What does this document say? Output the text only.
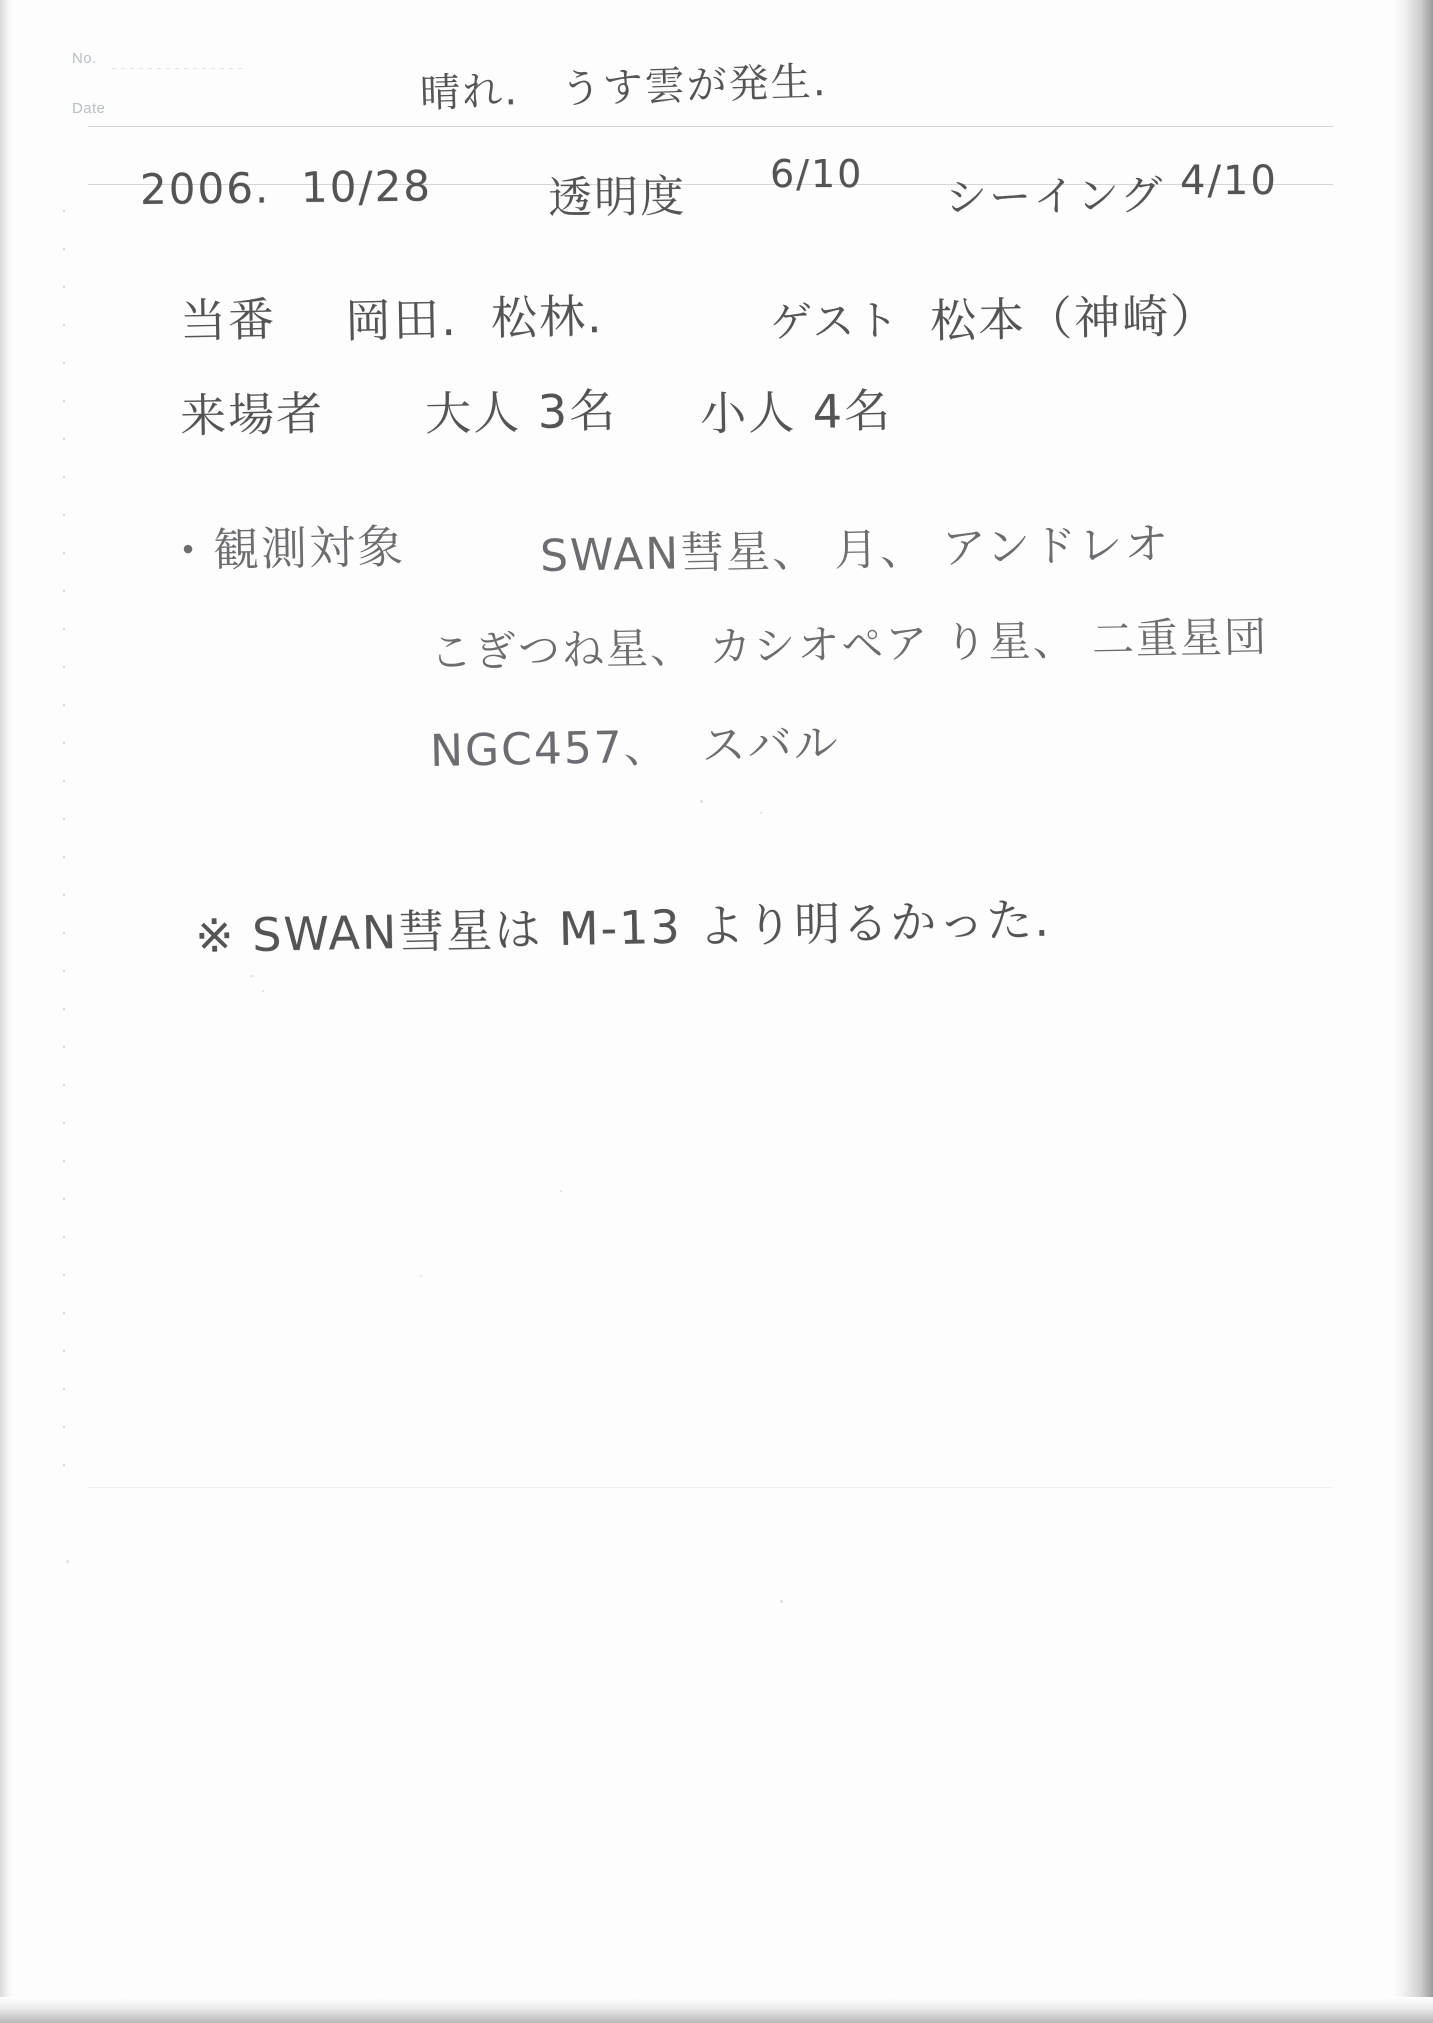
No.
Date	晴れ.　うす雲が発生.
2006.  10/28	透明度 6/10 シーイング 4/10
当番 岡田.  松林.	ゲスト 松本（神崎）
来場者 大人 3名 小人 4名
・観測対象	SWAN彗星、 月、 アンドレオ
こぎつね星、 カシオペア り星、 二重星団
NGC457、  スバル
※ SWAN彗星は M-13 より明るかった.
